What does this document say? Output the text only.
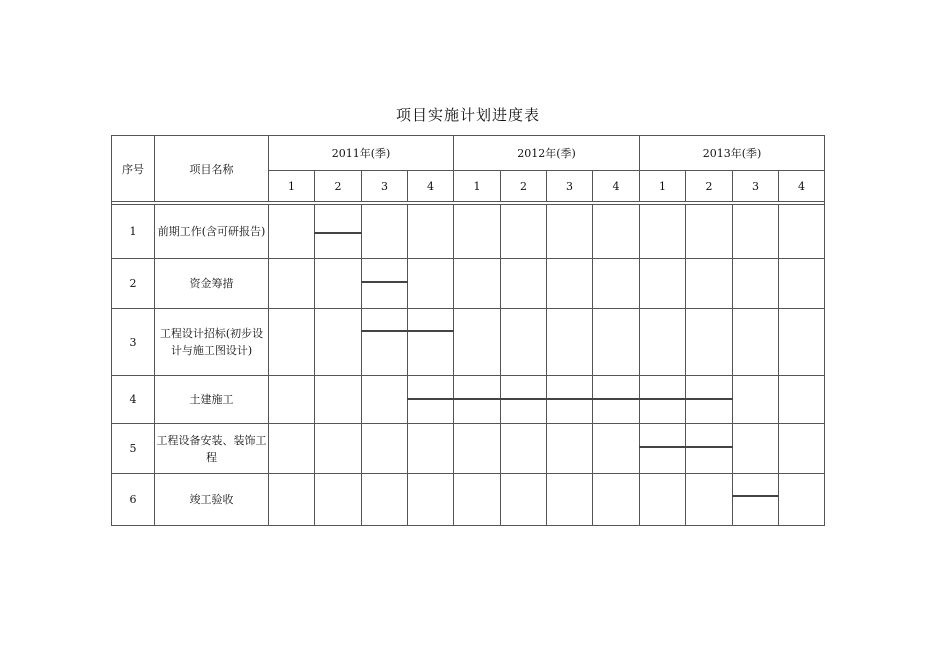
项目实施计划进度表
序号	项目名称	2011年(季)				2012年(季)				2013年(季)			
		1	2	3	4	1	2	3	4	1	2	3	4

1	前期工作(含可研报告)		

2	资金筹措			

3	工程设计招标(初步设计与施工图设计)			

4	土建施工				

5	工程设备安装、装饰工程									

6	竣工验收											
